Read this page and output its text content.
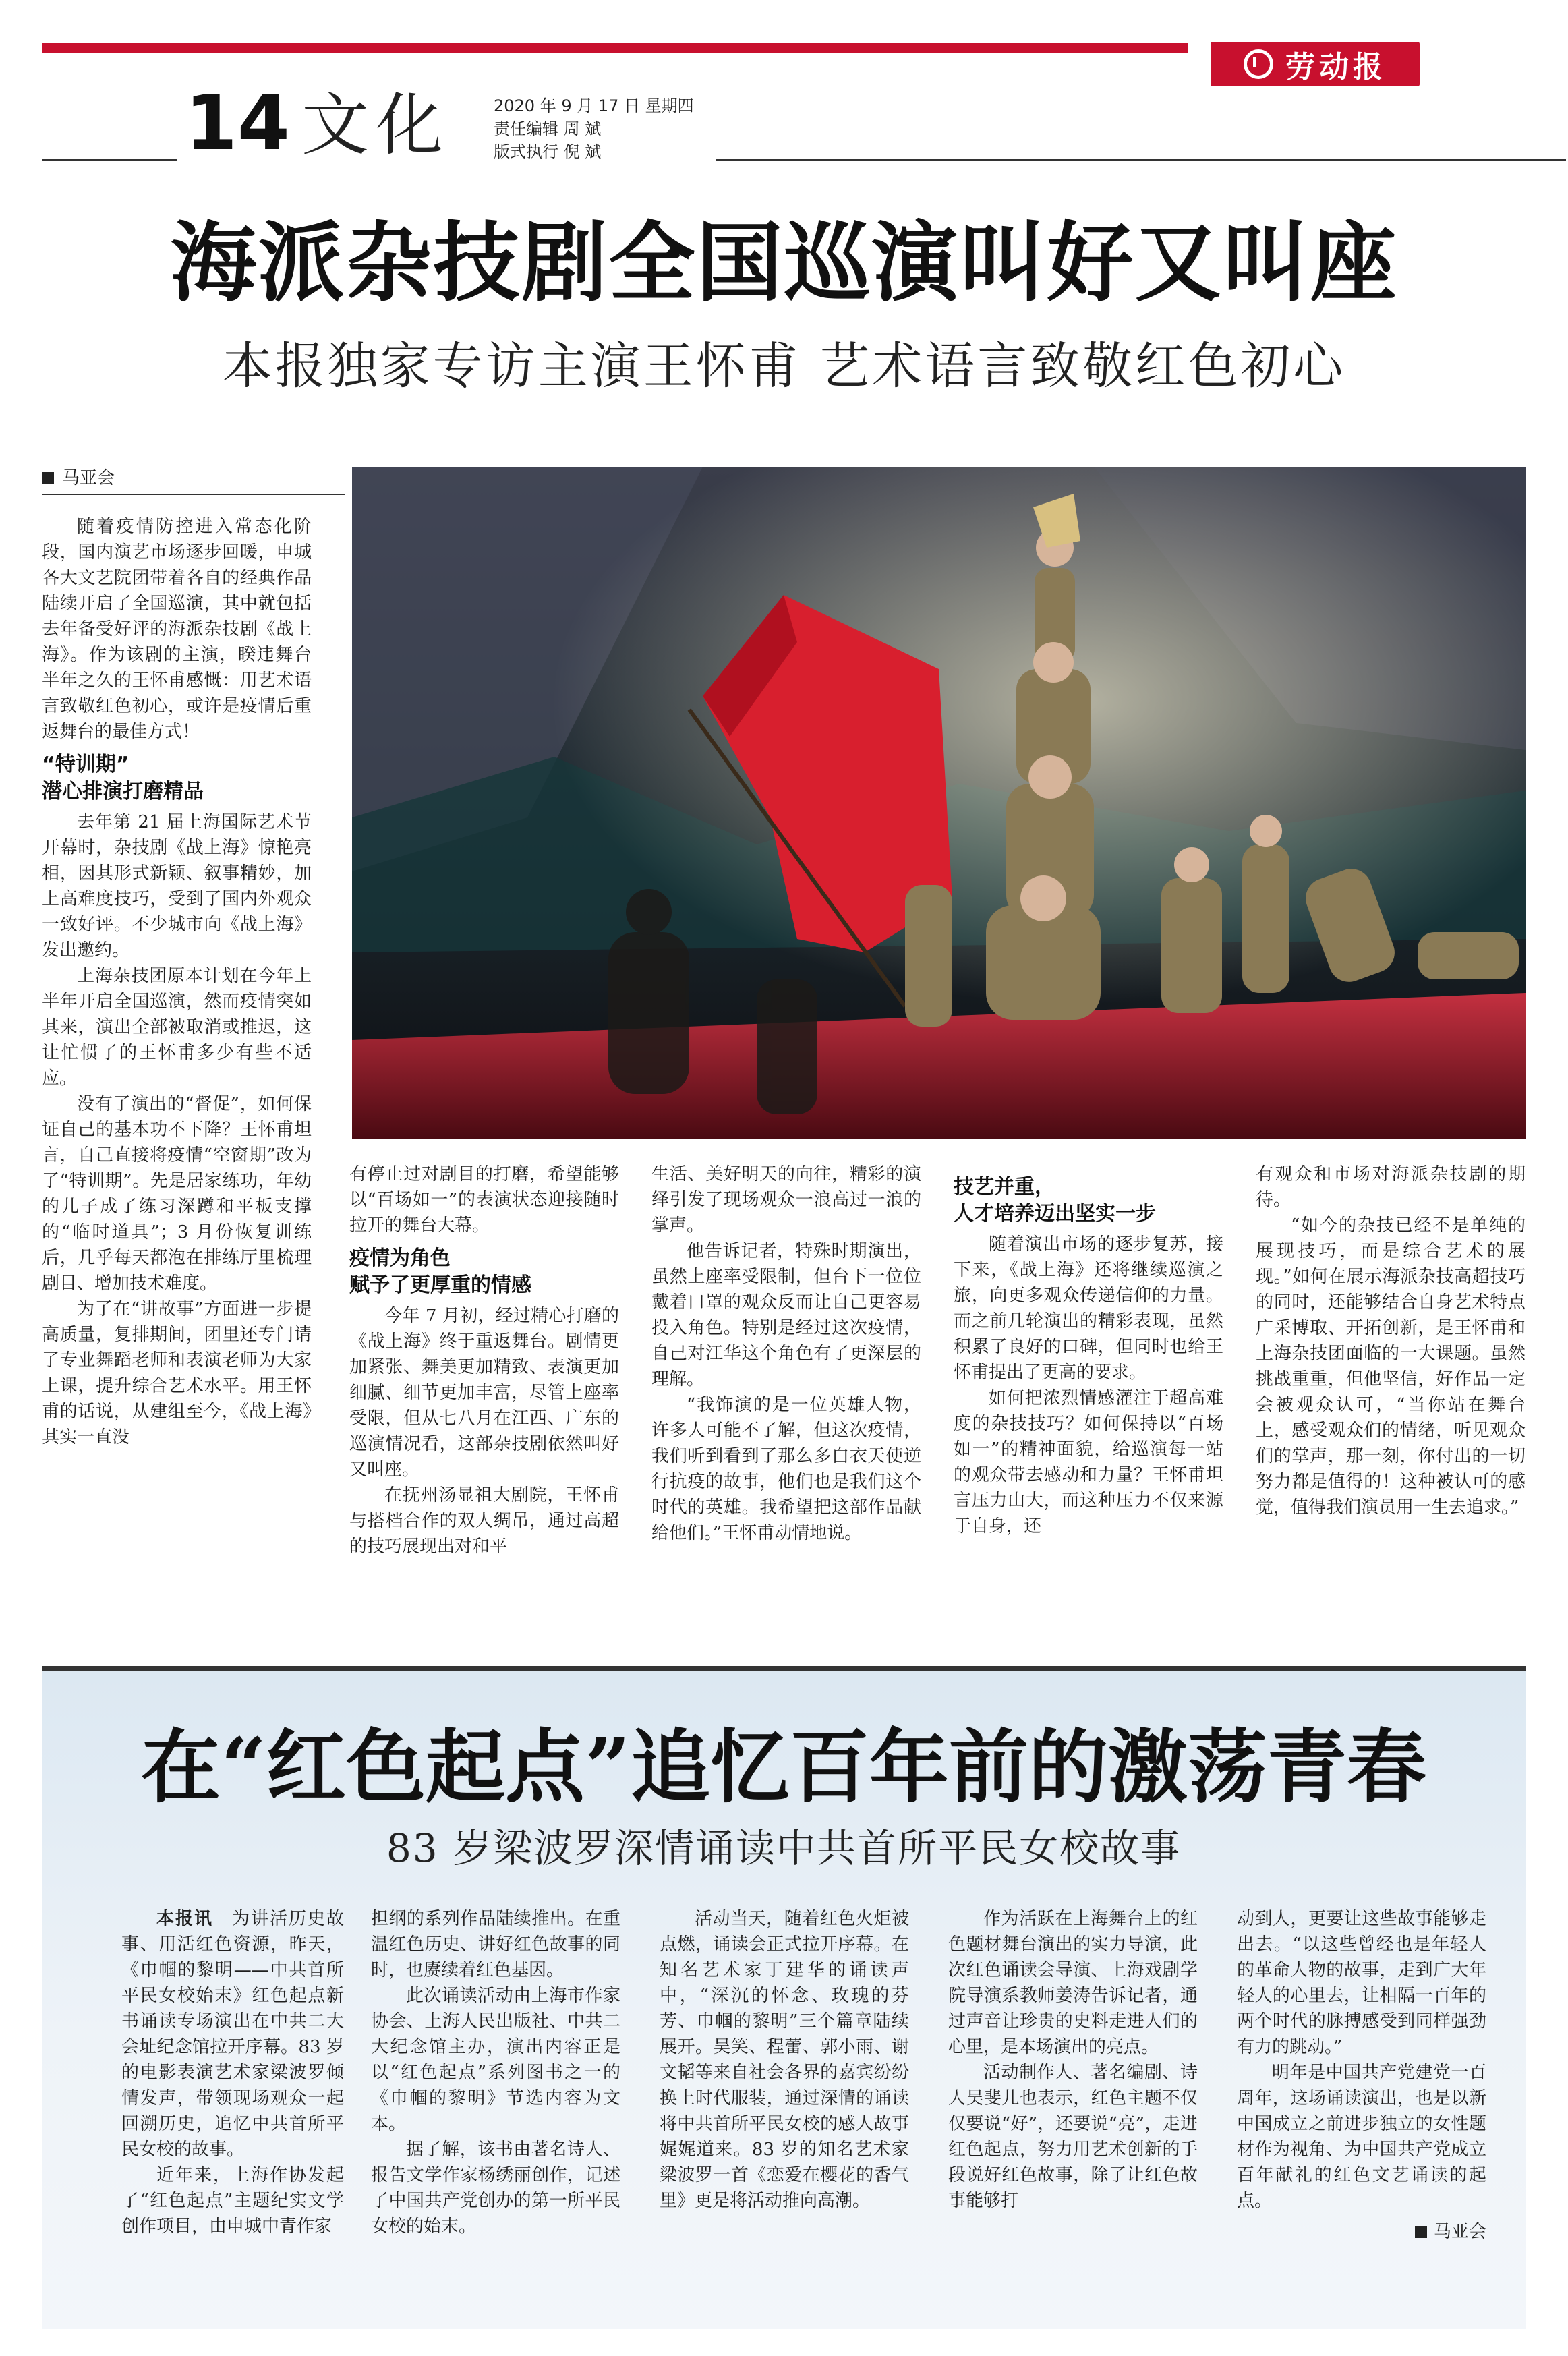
劳动报
14 文化	2020 年 9 月 17 日 星期四
责任编辑 周 斌
版式执行 倪 斌
海派杂技剧全国巡演叫好又叫座
本报独家专访主演王怀甫 艺术语言致敬红色初心
马亚会

随着疫情防控进入常态化阶段，国内演艺市场逐步回暖，申城各大文艺院团带着各自的经典作品陆续开启了全国巡演，其中就包括去年备受好评的海派杂技剧《战上海》。作为该剧的主演，睽违舞台半年之久的王怀甫感慨：用艺术语言致敬红色初心，或许是疫情后重返舞台的最佳方式！

“特训期”
潜心排演打磨精品

去年第 21 届上海国际艺术节开幕时，杂技剧《战上海》惊艳亮相，因其形式新颖、叙事精妙，加上高难度技巧，受到了国内外观众一致好评。不少城市向《战上海》发出邀约。

上海杂技团原本计划在今年上半年开启全国巡演，然而疫情突如其来，演出全部被取消或推迟，这让忙惯了的王怀甫多少有些不适应。

没有了演出的“督促”，如何保证自己的基本功不下降？王怀甫坦言，自己直接将疫情“空窗期”改为了“特训期”。先是居家练功，年幼的儿子成了练习深蹲和平板支撑的“临时道具”；3 月份恢复训练后，几乎每天都泡在排练厅里梳理剧目、增加技术难度。

为了在“讲故事”方面进一步提高质量，复排期间，团里还专门请了专业舞蹈老师和表演老师为大家上课，提升综合艺术水平。用王怀甫的话说，从建组至今，《战上海》其实一直没

有停止过对剧目的打磨，希望能够以“百场如一”的表演状态迎接随时拉开的舞台大幕。

疫情为角色
赋予了更厚重的情感

今年 7 月初，经过精心打磨的《战上海》终于重返舞台。剧情更加紧张、舞美更加精致、表演更加细腻、细节更加丰富，尽管上座率受限，但从七八月在江西、广东的巡演情况看，这部杂技剧依然叫好又叫座。

在抚州汤显祖大剧院，王怀甫与搭档合作的双人绸吊，通过高超的技巧展现出对和平

生活、美好明天的向往，精彩的演绎引发了现场观众一浪高过一浪的掌声。

他告诉记者，特殊时期演出，虽然上座率受限制，但台下一位位戴着口罩的观众反而让自己更容易投入角色。特别是经过这次疫情，自己对江华这个角色有了更深层的理解。

“我饰演的是一位英雄人物，许多人可能不了解，但这次疫情，我们听到看到了那么多白衣天使逆行抗疫的故事，他们也是我们这个时代的英雄。我希望把这部作品献给他们。”王怀甫动情地说。

技艺并重，
人才培养迈出坚实一步

随着演出市场的逐步复苏，接下来，《战上海》还将继续巡演之旅，向更多观众传递信仰的力量。而之前几轮演出的精彩表现，虽然积累了良好的口碑，但同时也给王怀甫提出了更高的要求。

如何把浓烈情感灌注于超高难度的杂技技巧？如何保持以“百场如一”的精神面貌，给巡演每一站的观众带去感动和力量？王怀甫坦言压力山大，而这种压力不仅来源于自身，还

有观众和市场对海派杂技剧的期待。

“如今的杂技已经不是单纯的展现技巧，而是综合艺术的展现。”如何在展示海派杂技高超技巧的同时，还能够结合自身艺术特点广采博取、开拓创新，是王怀甫和上海杂技团面临的一大课题。虽然挑战重重，但他坚信，好作品一定会被观众认可，“当你站在舞台上，感受观众们的情绪，听见观众们的掌声，那一刻，你付出的一切努力都是值得的！这种被认可的感觉，值得我们演员用一生去追求。”

在“红色起点”追忆百年前的激荡青春
83 岁梁波罗深情诵读中共首所平民女校故事

本报讯　 为讲活历史故事、用活红色资源，昨天，《巾帼的黎明——中共首所平民女校始末》红色起点新书诵读专场演出在中共二大会址纪念馆拉开序幕。83 岁的电影表演艺术家梁波罗倾情发声，带领现场观众一起回溯历史，追忆中共首所平民女校的故事。

近年来，上海作协发起了“红色起点”主题纪实文学创作项目，由申城中青作家

担纲的系列作品陆续推出。在重温红色历史、讲好红色故事的同时，也赓续着红色基因。

此次诵读活动由上海市作家协会、上海人民出版社、中共二大纪念馆主办，演出内容正是以“红色起点”系列图书之一的《巾帼的黎明》节选内容为文本。

据了解，该书由著名诗人、报告文学作家杨绣丽创作，记述了中国共产党创办的第一所平民女校的始末。

活动当天，随着红色火炬被点燃，诵读会正式拉开序幕。在知名艺术家丁建华的诵读声中，“深沉的怀念、玫瑰的芬芳、巾帼的黎明”三个篇章陆续展开。吴笑、程蕾、郭小雨、谢文韬等来自社会各界的嘉宾纷纷换上时代服装，通过深情的诵读将中共首所平民女校的感人故事娓娓道来。83 岁的知名艺术家梁波罗一首《恋爱在樱花的香气里》更是将活动推向高潮。

作为活跃在上海舞台上的红色题材舞台演出的实力导演，此次红色诵读会导演、上海戏剧学院导演系教师姜涛告诉记者，通过声音让珍贵的史料走进人们的心里，是本场演出的亮点。

活动制作人、著名编剧、诗人吴斐儿也表示，红色主题不仅仅要说“好”，还要说“亮”，走进红色起点，努力用艺术创新的手段说好红色故事，除了让红色故事能够打

动到人，更要让这些故事能够走出去。“以这些曾经也是年轻人的革命人物的故事，走到广大年轻人的心里去，让相隔一百年的两个时代的脉搏感受到同样强劲有力的跳动。”

明年是中国共产党建党一百周年，这场诵读演出，也是以新中国成立之前进步独立的女性题材作为视角、为中国共产党成立百年献礼的红色文艺诵读的起点。

马亚会
